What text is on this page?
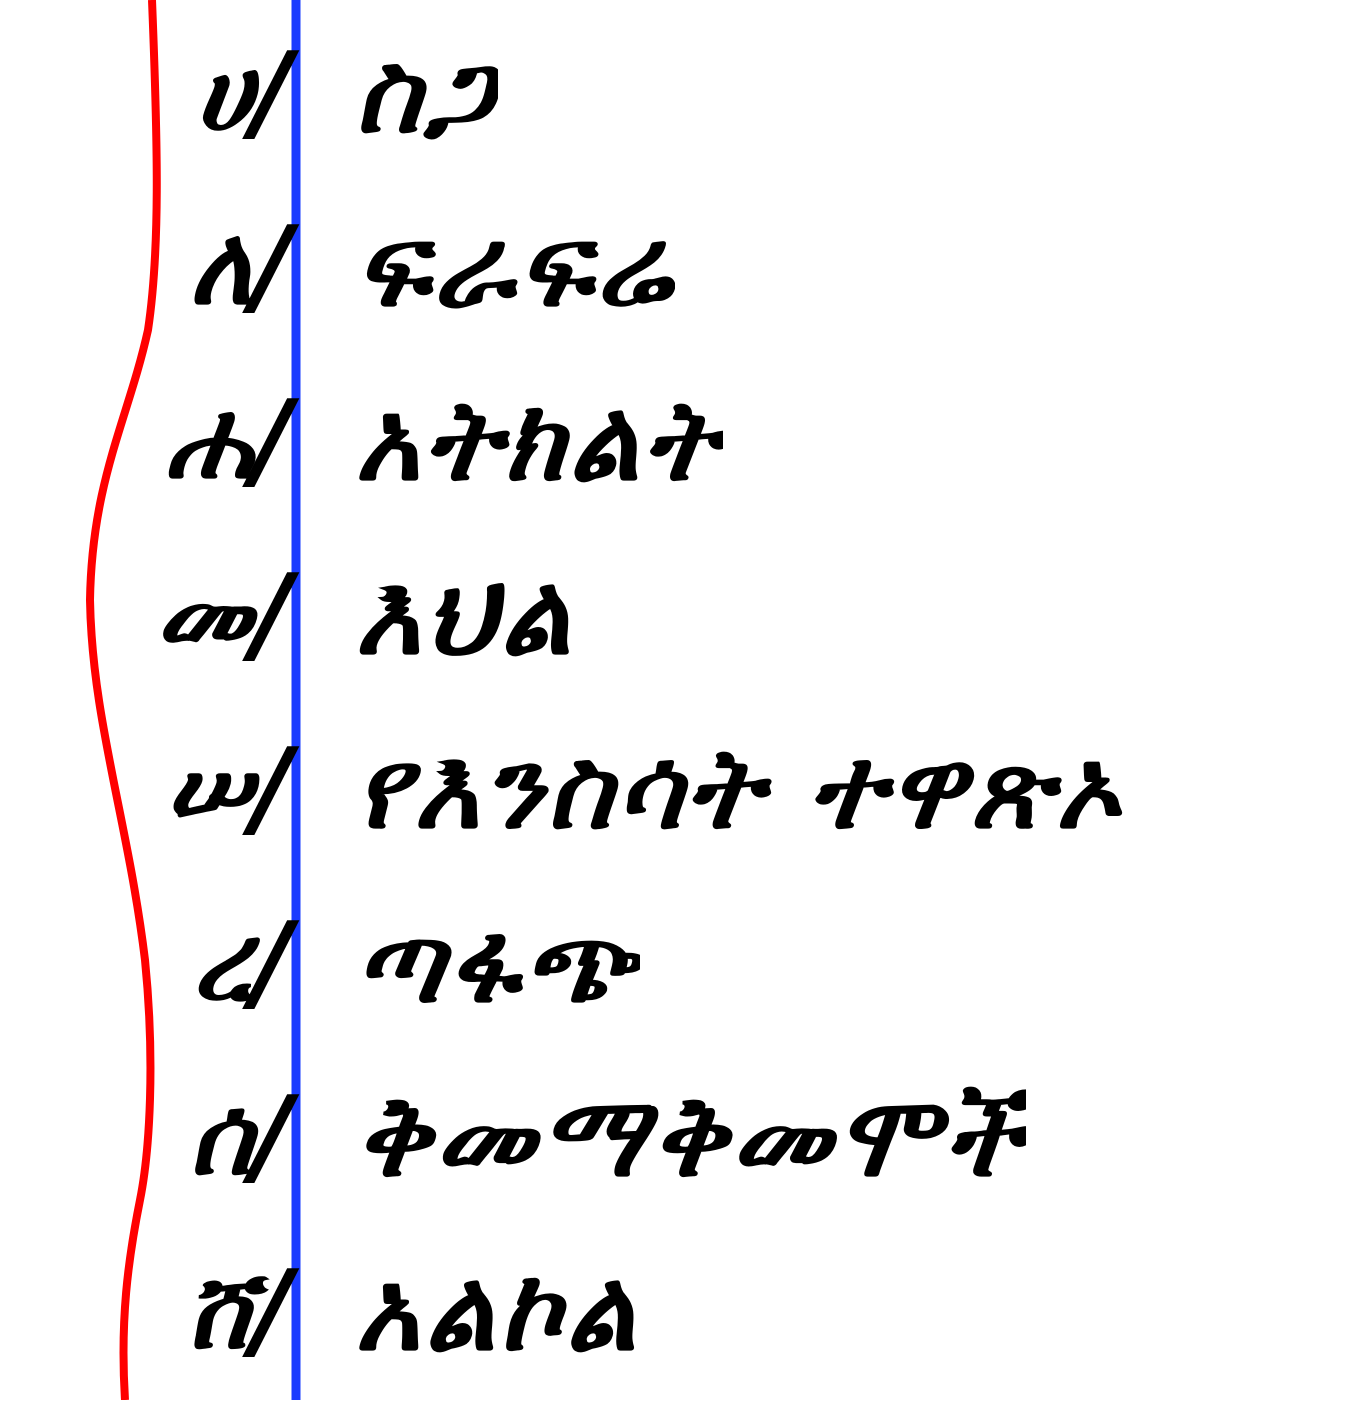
ሀ/ ስጋ
ለ/ ፍራፍሬ
ሐ/ አትክልት
መ/ እህል
ሠ/ የእንስሳት ተዋጽኦ
ረ/ ጣፋጭ
ሰ/ ቅመማቅመሞች
ሸ/ አልኮል
